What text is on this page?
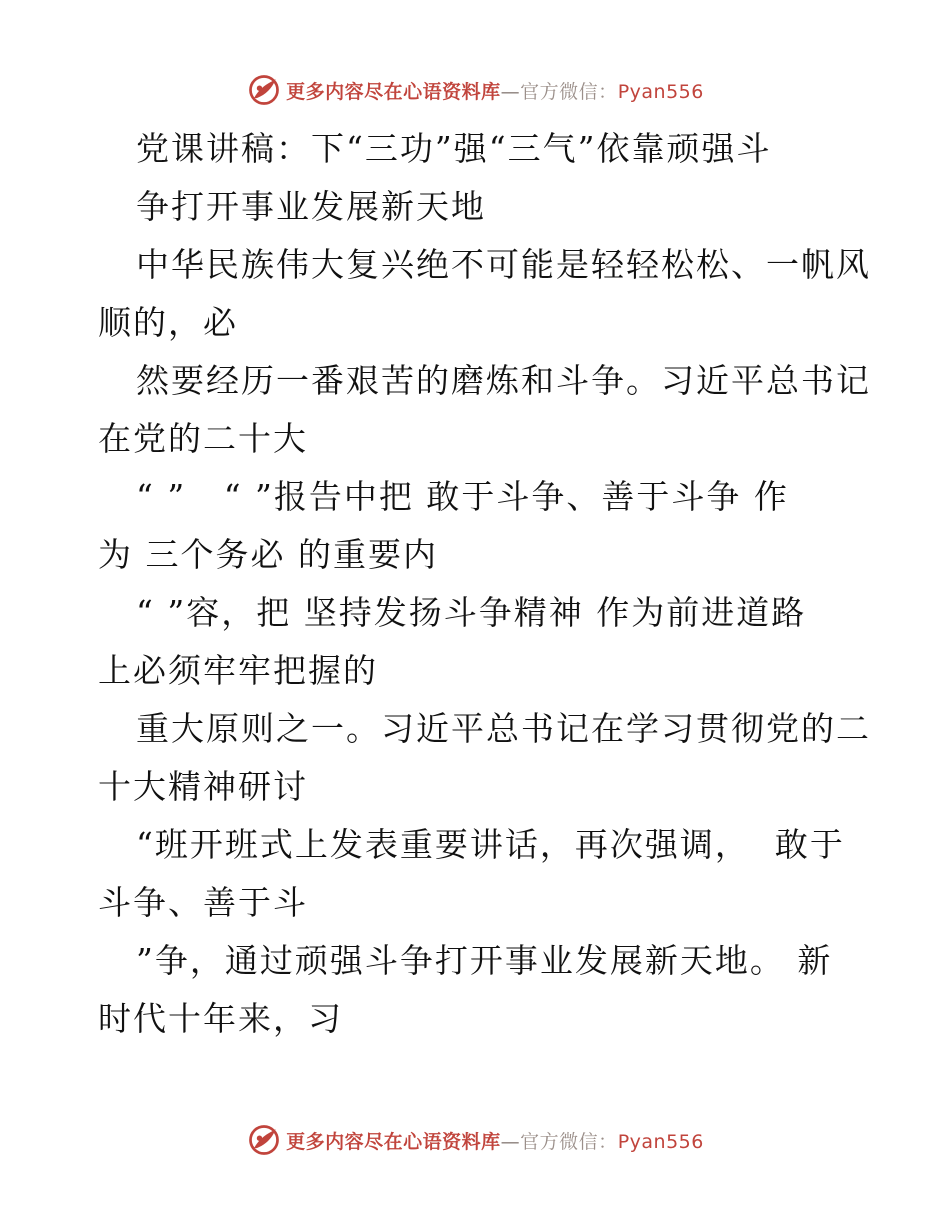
更多内容尽在心语资料库—官方微信：Pyan556
党课讲稿：下“三功”强“三气”依靠顽强斗
争打开事业发展新天地
中华民族伟大复兴绝不可能是轻轻松松、一帆风
顺的，必
然要经历一番艰苦的磨炼和斗争。习近平总书记
在党的二十大
“ ”   “ ”报告中把 敢于斗争、善于斗争 作
为 三个务必 的重要内
“ ”容，把 坚持发扬斗争精神 作为前进道路
上必须牢牢把握的
重大原则之一。习近平总书记在学习贯彻党的二
十大精神研讨
“班开班式上发表重要讲话，再次强调，  敢于
斗争、善于斗
”争，通过顽强斗争打开事业发展新天地。 新
时代十年来，习
更多内容尽在心语资料库—官方微信：Pyan556
